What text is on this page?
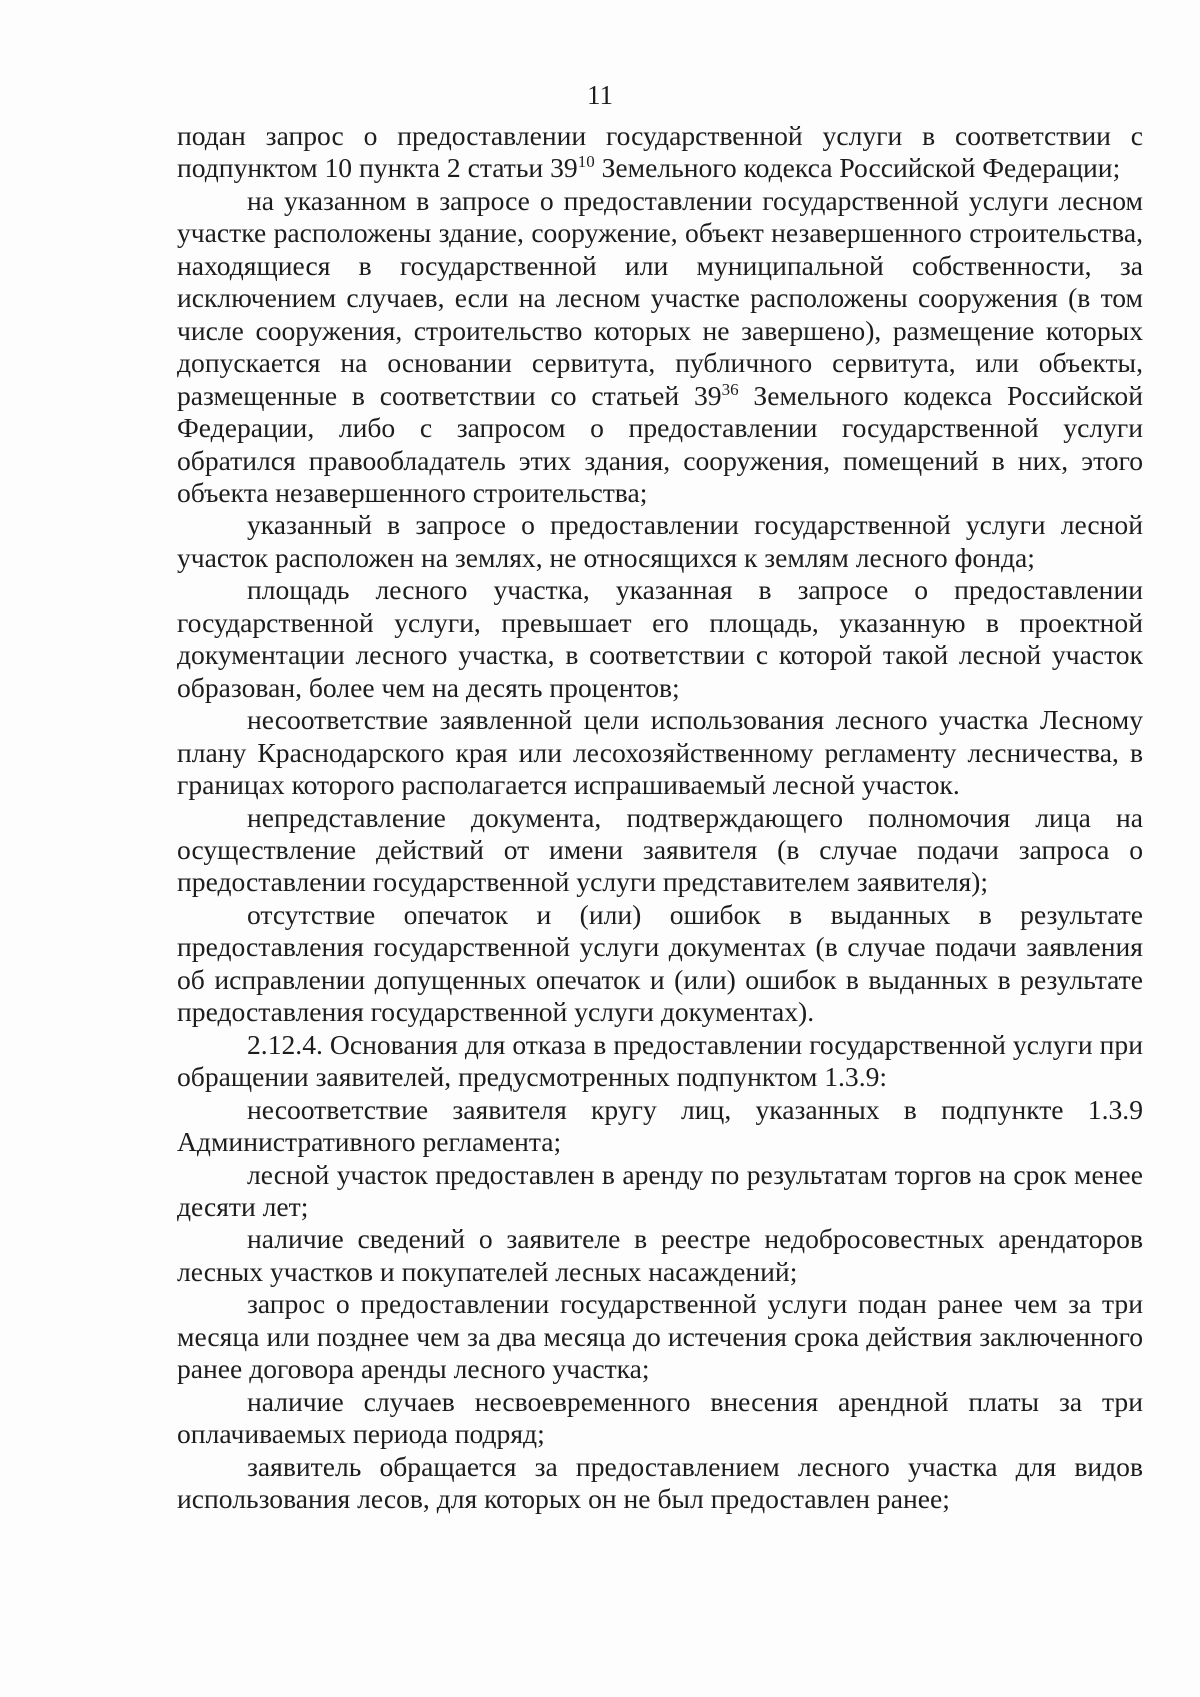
11

подан запрос о предоставлении государственной услуги в соответствии с подпунктом 10 пункта 2 статьи $39^{10}$ Земельного кодекса Российской Федерации;

на указанном в запросе о предоставлении государственной услуги лесном участке расположены здание, сооружение, объект незавершенного строительства, находящиеся в государственной или муниципальной собственности, за исключением случаев, если на лесном участке расположены сооружения (в том числе сооружения, строительство которых не завершено), размещение которых допускается на основании сервитута, публичного сервитута, или объекты, размещенные в соответствии со статьей $39^{36}$ Земельного кодекса Российской Федерации, либо с запросом о предоставлении государственной услуги обратился правообладатель этих здания, сооружения, помещений в них, этого объекта незавершенного строительства;

указанный в запросе о предоставлении государственной услуги лесной участок расположен на землях, не относящихся к землям лесного фонда;

площадь лесного участка, указанная в запросе о предоставлении государственной услуги, превышает его площадь, указанную в проектной документации лесного участка, в соответствии с которой такой лесной участок образован, более чем на десять процентов;

несоответствие заявленной цели использования лесного участка Лесному плану Краснодарского края или лесохозяйственному регламенту лесничества, в границах которого располагается испрашиваемый лесной участок.

непредставление документа, подтверждающего полномочия лица на осуществление действий от имени заявителя (в случае подачи запроса о предоставлении государственной услуги представителем заявителя);

отсутствие опечаток и (или) ошибок в выданных в результате предоставления государственной услуги документах (в случае подачи заявления об исправлении допущенных опечаток и (или) ошибок в выданных в результате предоставления государственной услуги документах).

2.12.4. Основания для отказа в предоставлении государственной услуги при обращении заявителей, предусмотренных подпунктом 1.3.9:

несоответствие заявителя кругу лиц, указанных в подпункте 1.3.9 Административного регламента;

лесной участок предоставлен в аренду по результатам торгов на срок менее десяти лет;

наличие сведений о заявителе в реестре недобросовестных арендаторов лесных участков и покупателей лесных насаждений;

запрос о предоставлении государственной услуги подан ранее чем за три месяца или позднее чем за два месяца до истечения срока действия заключенного ранее договора аренды лесного участка;

наличие случаев несвоевременного внесения арендной платы за три оплачиваемых периода подряд;

заявитель обращается за предоставлением лесного участка для видов использования лесов, для которых он не был предоставлен ранее;
